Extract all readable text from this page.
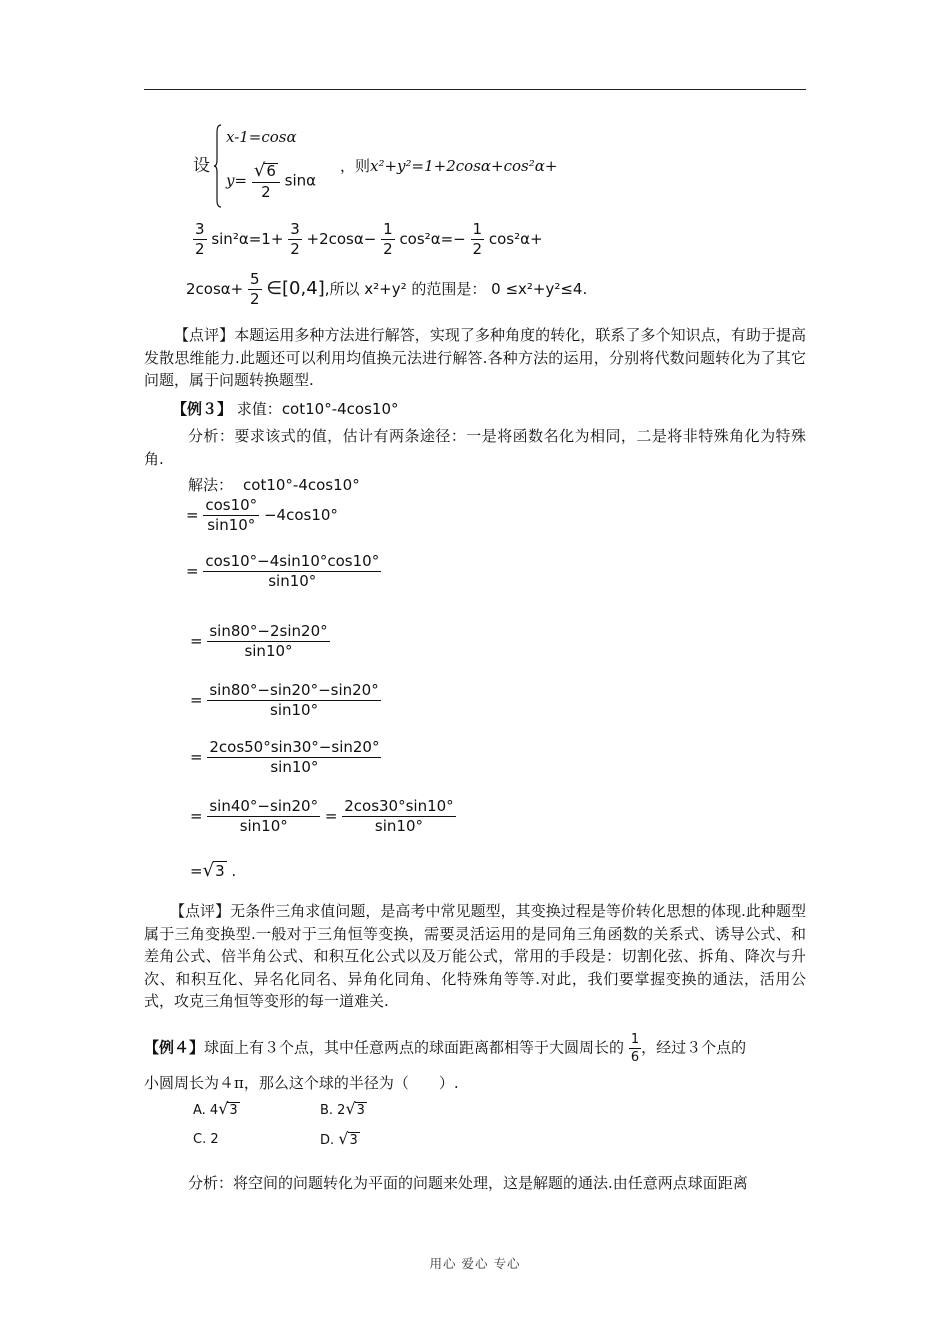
设
x-1=cosα
$y= \frac{√6}{2}$ sinα
，则x²+y²=1+2cosα+cos²α+
$\frac{3}{2} \sin^2\alpha=1+ \frac{3}{2} +2\cos\alpha- \frac{1}{2} \cos^2\alpha=- \frac{1}{2} \cos^2\alpha+$
$2\cos\alpha+ \frac{5}{2}$ ∈[0,4],所以 x²+y² 的范围是： 0 ≤x²+y²≤4.
【点评】本题运用多种方法进行解答，实现了多种角度的转化，联系了多个知识点，有助于提高发散思维能力.此题还可以利用均值换元法进行解答.各种方法的运用，分别将代数问题转化为了其它问题，属于问题转换题型.
【例３】 求值：cot10°-4cos10°
分析：要求该式的值，估计有两条途径：一是将函数名化为相同，二是将非特殊角化为特殊角.
解法： cot10°-4cos10°
= $\frac{\cos 10^\circ}{\sin 10^\circ} -4\cos 10^\circ$
= $\frac{\cos 10^\circ-4\sin 10^\circ\cos 10^\circ}{\sin 10^\circ}$
= $\frac{\sin 80^\circ-2\sin 20^\circ}{\sin 10^\circ}$
= $\frac{\sin 80^\circ-\sin 20^\circ-\sin 20^\circ}{\sin 10^\circ}$
= $\frac{2\cos 50^\circ\sin 30^\circ-\sin 20^\circ}{\sin 10^\circ}$
= $\frac{\sin 40^\circ-\sin 20^\circ}{\sin 10^\circ} = \frac{2\cos 30^\circ\sin 10^\circ}{\sin 10^\circ}$
=√3 .
【点评】无条件三角求值问题，是高考中常见题型，其变换过程是等价转化思想的体现.此种题型属于三角变换型.一般对于三角恒等变换，需要灵活运用的是同角三角函数的关系式、诱导公式、和差角公式、倍半角公式、和积互化公式以及万能公式，常用的手段是：切割化弦、拆角、降次与升次、和积互化、异名化同名、异角化同角、化特殊角等等.对此，我们要掌握变换的通法，活用公式，攻克三角恒等变形的每一道难关.
【例４】球面上有３个点，其中任意两点的球面距离都相等于大圆周长的 $\frac{1}{6}$ ，经过３个点的
小圆周长为４π，那么这个球的半径为（　　）.
A. 4√3	B. 2√3
C. 2	D. √3
分析：将空间的问题转化为平面的问题来处理，这是解题的通法.由任意两点球面距离
用心 爱心 专心
